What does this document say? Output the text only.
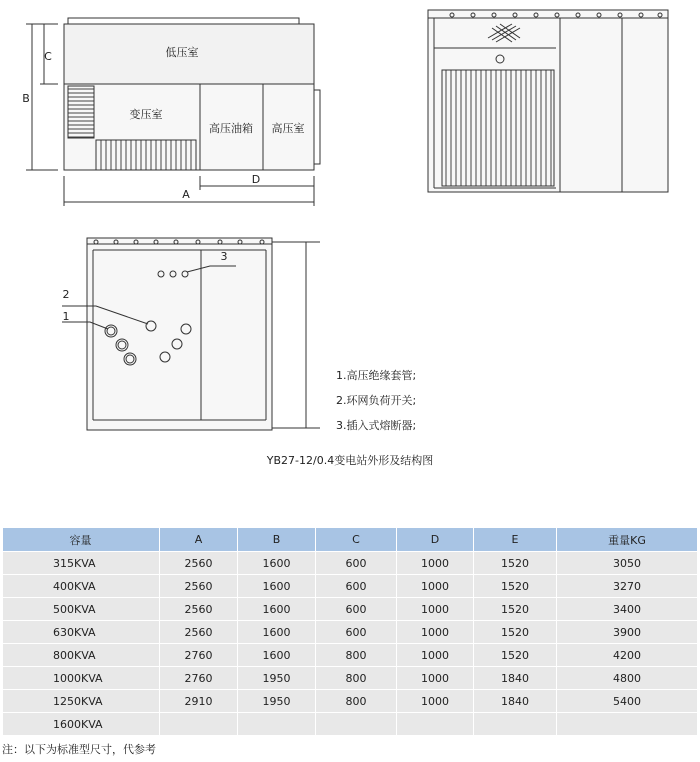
低压室
变压室
高压油箱 高压室
C
B
A
D
2
1
3
1.高压绝缘套管;
2.环网负荷开关;
3.插入式熔断器;
YB27-12/0.4变电站外形及结构图
容量	A	B	C	D	E	重量KG
315KVA	2560	1600	600	1000	1520	3050
400KVA	2560	1600	600	1000	1520	3270
500KVA	2560	1600	600	1000	1520	3400
630KVA	2560	1600	600	1000	1520	3900
800KVA	2760	1600	800	1000	1520	4200
1000KVA	2760	1950	800	1000	1840	4800
1250KVA	2910	1950	800	1000	1840	5400
1600KVA						
注：以下为标准型尺寸，代参考
